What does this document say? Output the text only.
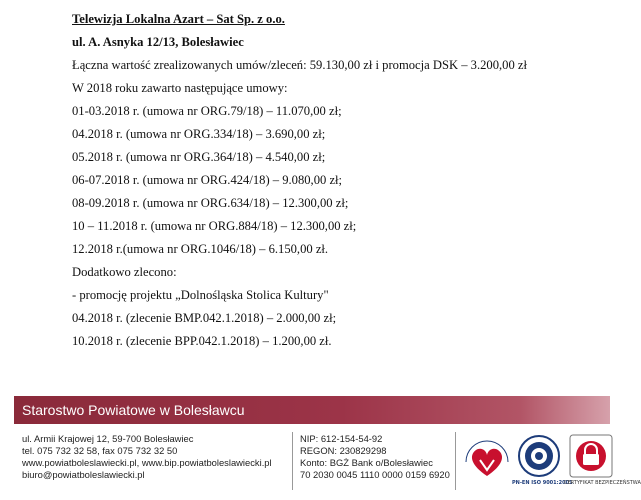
Telewizja Lokalna Azart – Sat Sp. z o.o.
ul. A. Asnyka 12/13, Bolesławiec
Łączna wartość zrealizowanych umów/zleceń: 59.130,00 zł i promocja DSK – 3.200,00 zł
W 2018 roku zawarto następujące umowy:
01-03.2018 r. (umowa nr ORG.79/18) – 11.070,00 zł;
04.2018 r. (umowa nr ORG.334/18) – 3.690,00 zł;
05.2018 r. (umowa nr ORG.364/18) – 4.540,00 zł;
06-07.2018 r. (umowa nr ORG.424/18) – 9.080,00 zł;
08-09.2018 r. (umowa nr ORG.634/18) – 12.300,00 zł;
10 – 11.2018 r. (umowa nr ORG.884/18) – 12.300,00 zł;
12.2018 r.(umowa nr ORG.1046/18) – 6.150,00 zł.
Dodatkowo zlecono:
- promocję projektu „Dolnośląska Stolica Kultury"
04.2018 r. (zlecenie BMP.042.1.2018) – 2.000,00 zł;
10.2018 r. (zlecenie BPP.042.1.2018) – 1.200,00 zł.
Starostwo Powiatowe w Bolesławcu
ul. Armii Krajowej 12, 59-700 Bolesławiec
tel. 075 732 32 58, fax 075 732 32 50
www.powiatboleslawiecki.pl, www.bip.powiatboleslawiecki.pl
biuro@powiatboleslawiecki.pl
NIP: 612-154-54-92
REGON: 230829298
Konto: BGŻ Bank o/Bolesławiec
70 2030 0045 1110 0000 0159 6920
PN-EN ISO 9001:2001
CERTYFIKAT BEZPIECZEŃSTWA
